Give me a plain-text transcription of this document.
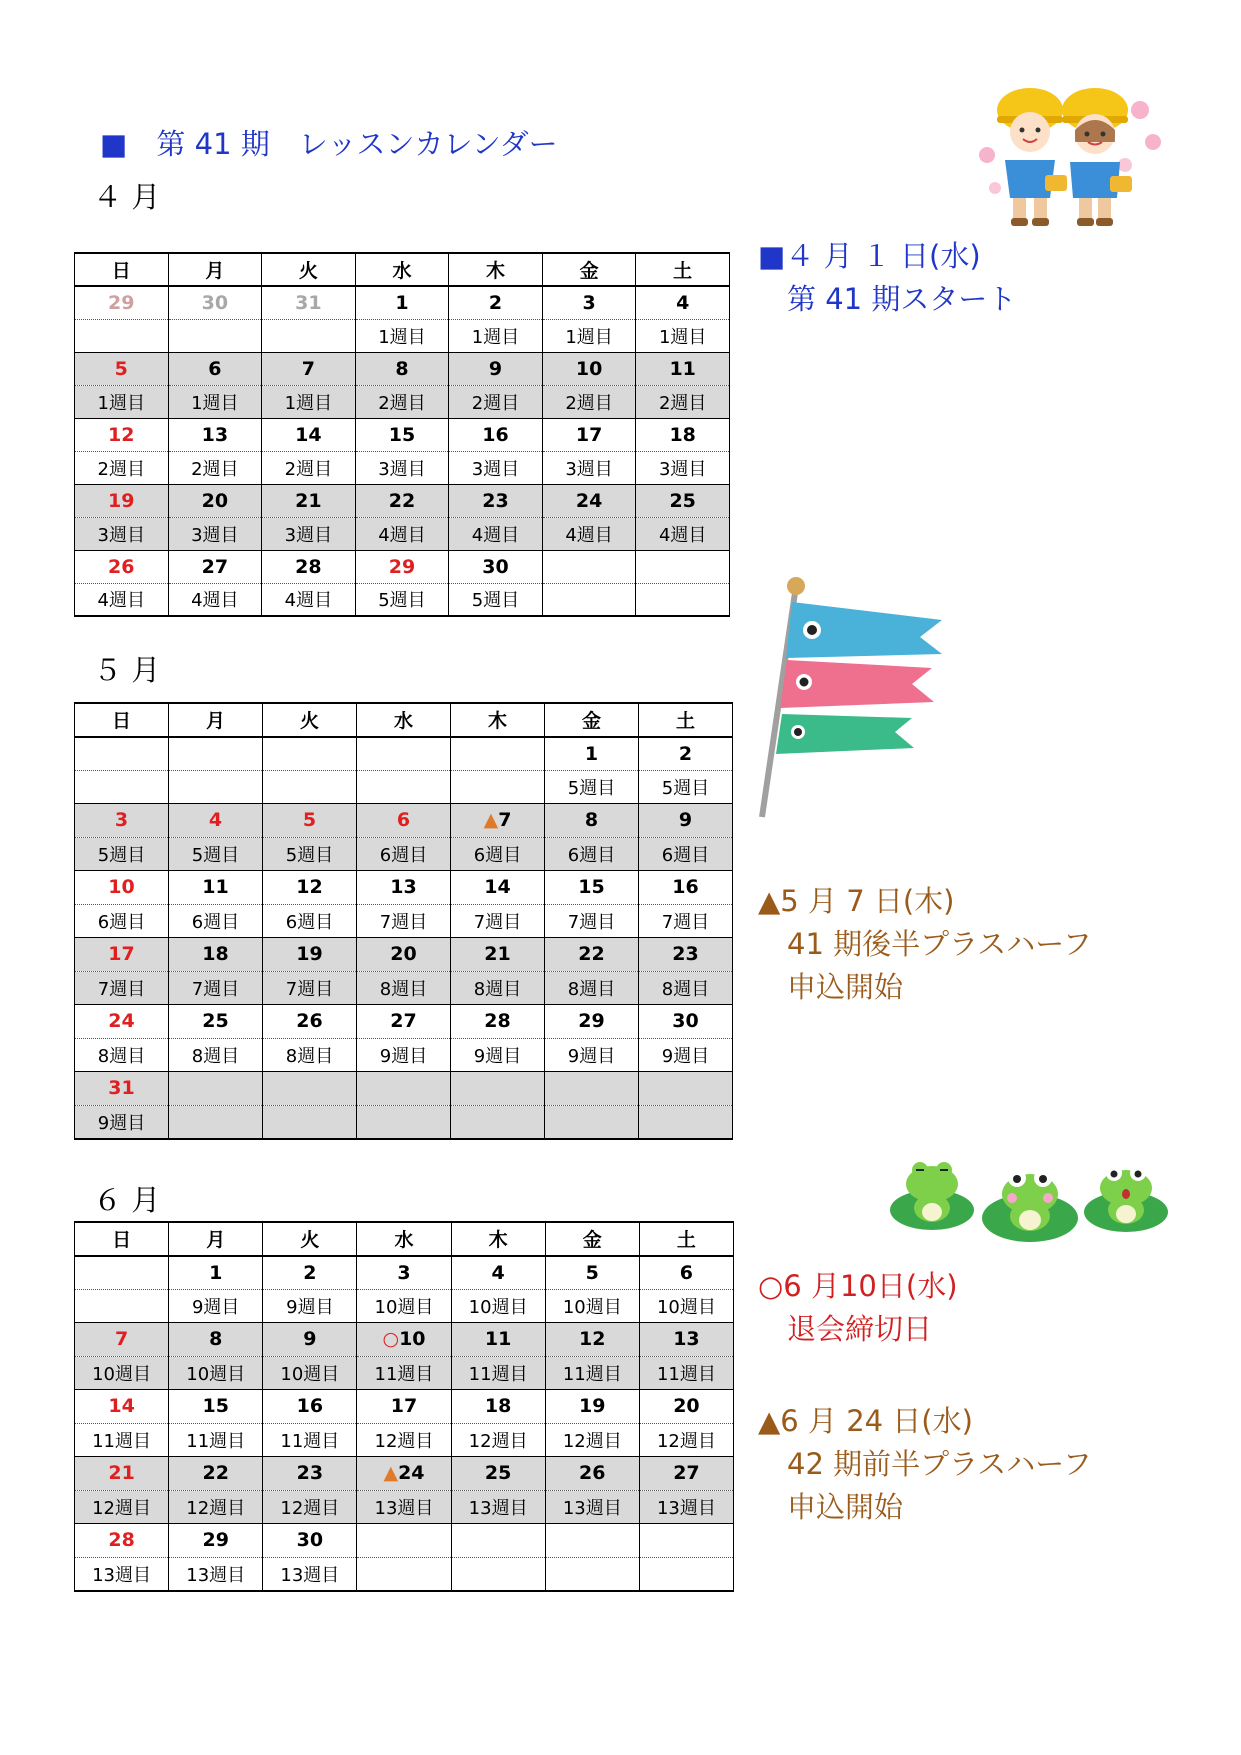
■　第 41 期　レッスンカレンダー
４ 月
日	月	火	水	木	金	土
29	30	31	1	2	3	4
			1週目	1週目	1週目	1週目
5	6	7	8	9	10	11
1週目	1週目	1週目	2週目	2週目	2週目	2週目
12	13	14	15	16	17	18
2週目	2週目	2週目	3週目	3週目	3週目	3週目
19	20	21	22	23	24	25
3週目	3週目	3週目	4週目	4週目	4週目	4週目
26	27	28	29	30		
4週目	4週目	4週目	5週目	5週目		
５ 月
日	月	火	水	木	金	土
					1	2
					5週目	5週目
3	4	5	6	▲7	8	9
5週目	5週目	5週目	6週目	6週目	6週目	6週目
10	11	12	13	14	15	16
6週目	6週目	6週目	7週目	7週目	7週目	7週目
17	18	19	20	21	22	23
7週目	7週目	7週目	8週目	8週目	8週目	8週目
24	25	26	27	28	29	30
8週目	8週目	8週目	9週目	9週目	9週目	9週目
31						
9週目						
６ 月
日	月	火	水	木	金	土
	1	2	3	4	5	6
	9週目	9週目	10週目	10週目	10週目	10週目
7	8	9	○10	11	12	13
10週目	10週目	10週目	11週目	11週目	11週目	11週目
14	15	16	17	18	19	20
11週目	11週目	11週目	12週目	12週目	12週目	12週目
21	22	23	▲24	25	26	27
12週目	12週目	12週目	13週目	13週目	13週目	13週目
28	29	30				
13週目	13週目	13週目				
■４ 月 １ 日(水)
　第 41 期スタート
▲5 月 7 日(木)
　41 期後半プラスハーフ
　申込開始
○6 月10日(水)
　退会締切日
▲6 月 24 日(水)
　42 期前半プラスハーフ
　申込開始
